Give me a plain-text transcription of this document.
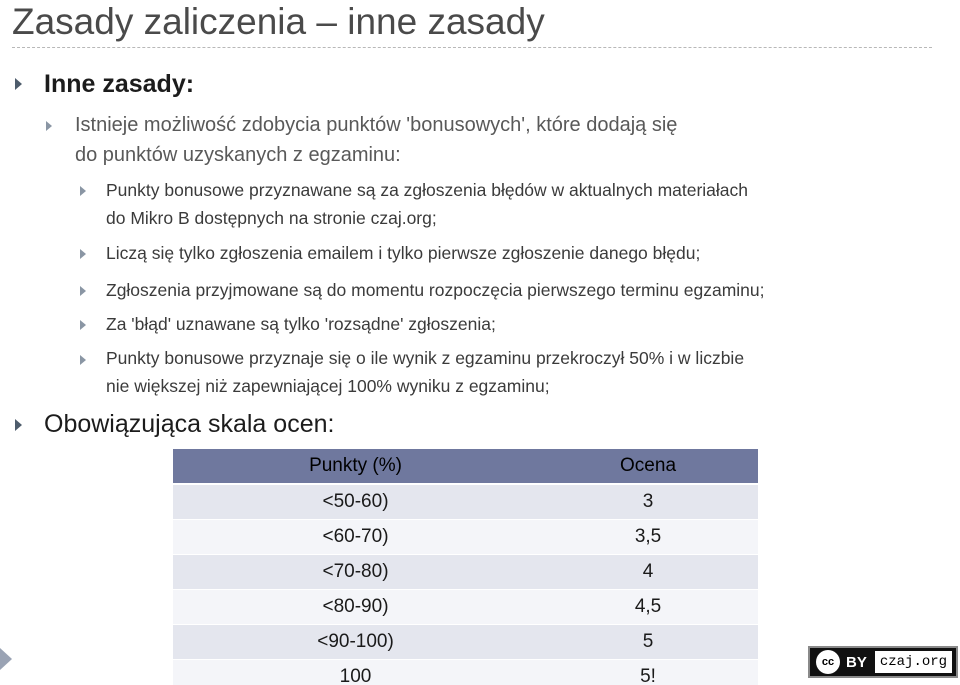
Zasady zaliczenia – inne zasady
Inne zasady:
Istnieje możliwość zdobycia punktów 'bonusowych', które dodają się
do punktów uzyskanych z egzaminu:
Punkty bonusowe przyznawane są za zgłoszenia błędów w aktualnych materiałach
do Mikro B dostępnych na stronie czaj.org;
Liczą się tylko zgłoszenia emailem i tylko pierwsze zgłoszenie danego błędu;
Zgłoszenia przyjmowane są do momentu rozpoczęcia pierwszego terminu egzaminu;
Za 'błąd' uznawane są tylko 'rozsądne' zgłoszenia;
Punkty bonusowe przyznaje się o ile wynik z egzaminu przekroczył 50% i w liczbie
nie większej niż zapewniającej 100% wyniku z egzaminu;
Obowiązująca skala ocen:
Punkty (%)	Ocena
<50-60)	3
<60-70)	3,5
<70-80)	4
<80-90)	4,5
<90-100)	5
100	5!
cc BY czaj.org
